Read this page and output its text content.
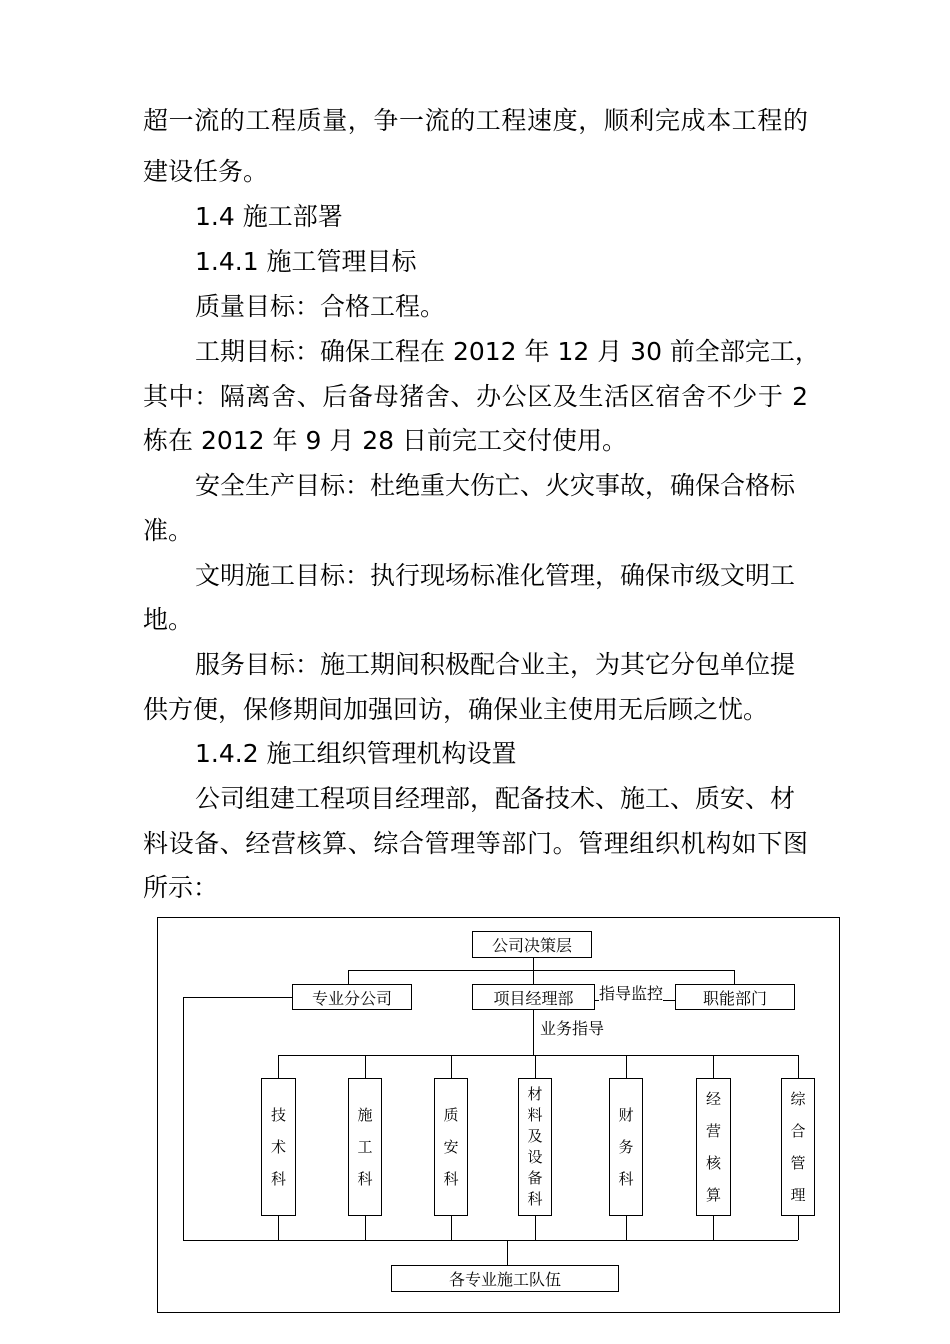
超一流的工程质量，争一流的工程速度，顺利完成本工程的
建设任务。
1.4 施工部署
1.4.1 施工管理目标
质量目标：合格工程。
工期目标：确保工程在 2012 年 12 月 30 前全部完工，
其中：隔离舍、后备母猪舍、办公区及生活区宿舍不少于 2
栋在 2012 年 9 月 28 日前完工交付使用。
安全生产目标：杜绝重大伤亡、火灾事故，确保合格标
准。
文明施工目标：执行现场标准化管理，确保市级文明工
地。
服务目标：施工期间积极配合业主，为其它分包单位提
供方便，保修期间加强回访，确保业主使用无后顾之忧。
1.4.2 施工组织管理机构设置
公司组建工程项目经理部，配备技术、施工、质安、材
料设备、经营核算、综合管理等部门。管理组织机构如下图
所示：
公司决策层
专业分公司	项目经理部	职能部门
指导监控
业务指导
技
术
科
施
工
科
质
安
科
材
料
及
设
备
科
财
务
科
经
营
核
算
综
合
管
理
各专业施工队伍
